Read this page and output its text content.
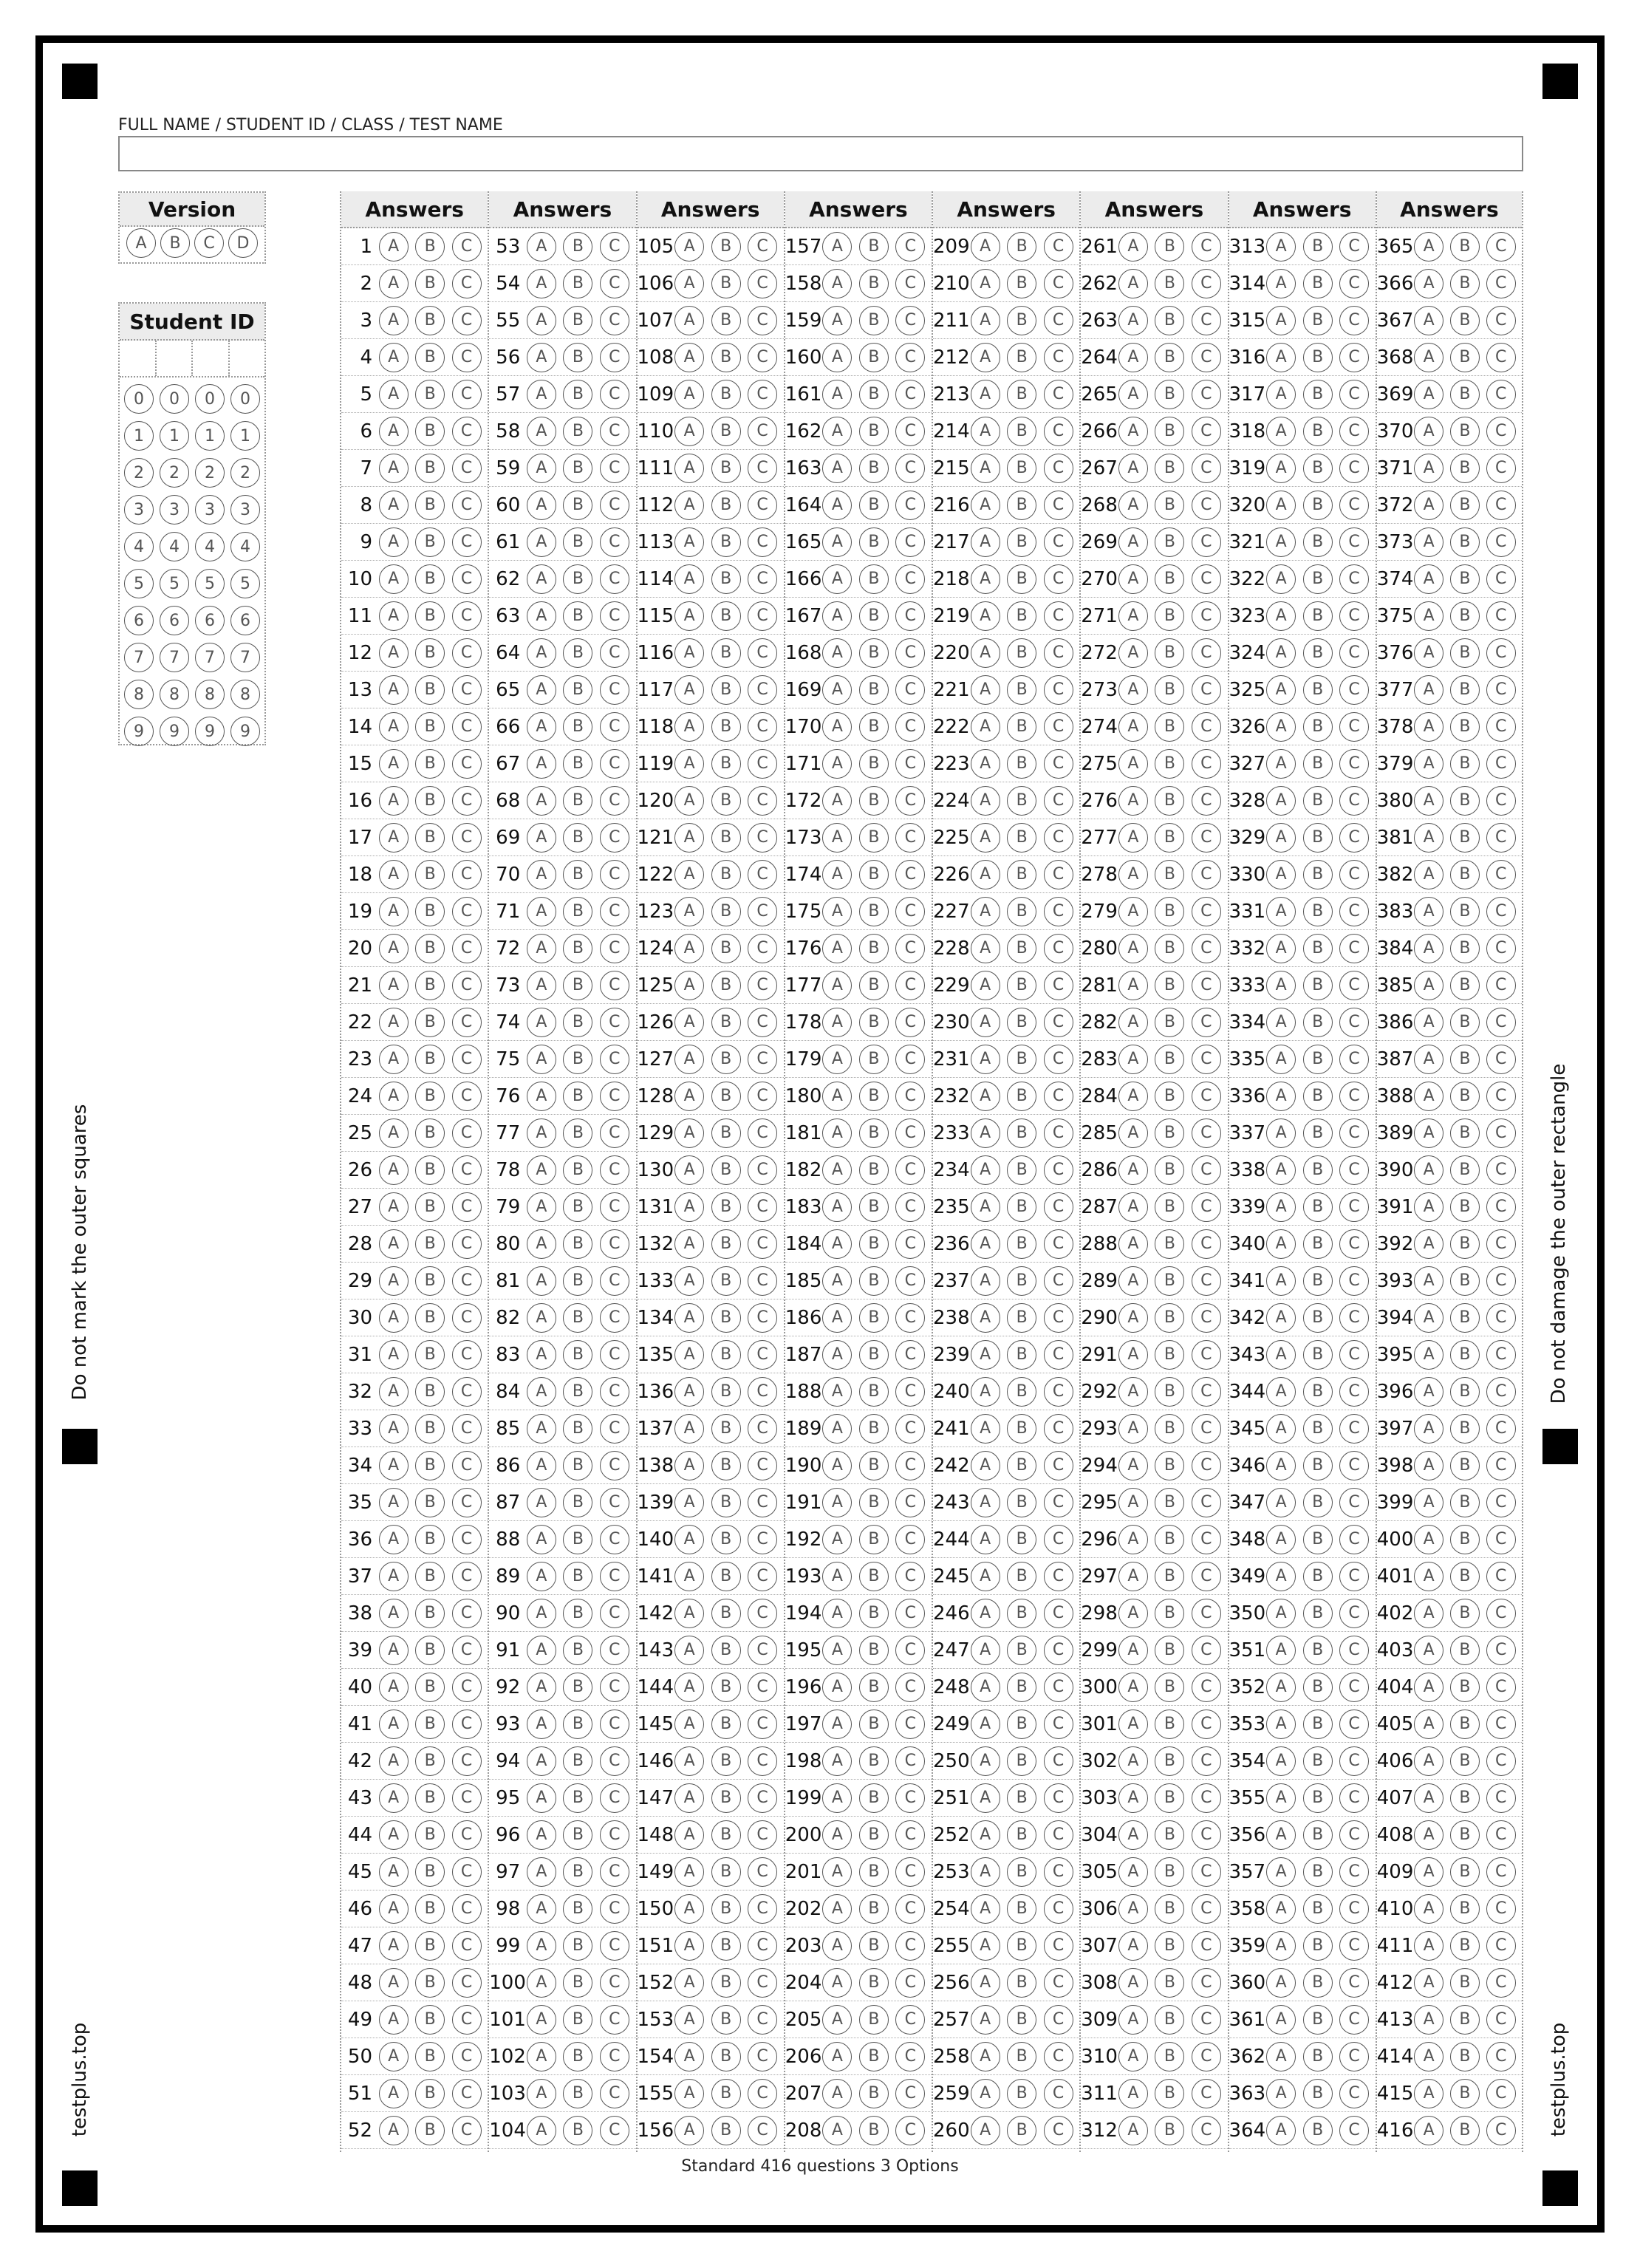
Do not mark the outer squares	Do not damage the outer rectangle
testplus.top	testplus.top
FULL NAME / STUDENT ID / CLASS / TEST NAME
Version
A	B	C	D
Student ID
0	0	0	0
1	1	1	1
2	2	2	2
3	3	3	3
4	4	4	4
5	5	5	5
6	6	6	6
7	7	7	7
8	8	8	8
9	9	9	9
Answers
1 A	B	C
2 A	B	C
3 A	B	C
4 A	B	C
5 A	B	C
6 A	B	C
7 A	B	C
8 A	B	C
9 A	B	C
10 A	B	C
11 A	B	C
12 A	B	C
13 A	B	C
14 A	B	C
15 A	B	C
16 A	B	C
17 A	B	C
18 A	B	C
19 A	B	C
20 A	B	C
21 A	B	C
22 A	B	C
23 A	B	C
24 A	B	C
25 A	B	C
26 A	B	C
27 A	B	C
28 A	B	C
29 A	B	C
30 A	B	C
31 A	B	C
32 A	B	C
33 A	B	C
34 A	B	C
35 A	B	C
36 A	B	C
37 A	B	C
38 A	B	C
39 A	B	C
40 A	B	C
41 A	B	C
42 A	B	C
43 A	B	C
44 A	B	C
45 A	B	C
46 A	B	C
47 A	B	C
48 A	B	C
49 A	B	C
50 A	B	C
51 A	B	C
52 A	B	C
Answers
53 A	B	C
54 A	B	C
55 A	B	C
56 A	B	C
57 A	B	C
58 A	B	C
59 A	B	C
60 A	B	C
61 A	B	C
62 A	B	C
63 A	B	C
64 A	B	C
65 A	B	C
66 A	B	C
67 A	B	C
68 A	B	C
69 A	B	C
70 A	B	C
71 A	B	C
72 A	B	C
73 A	B	C
74 A	B	C
75 A	B	C
76 A	B	C
77 A	B	C
78 A	B	C
79 A	B	C
80 A	B	C
81 A	B	C
82 A	B	C
83 A	B	C
84 A	B	C
85 A	B	C
86 A	B	C
87 A	B	C
88 A	B	C
89 A	B	C
90 A	B	C
91 A	B	C
92 A	B	C
93 A	B	C
94 A	B	C
95 A	B	C
96 A	B	C
97 A	B	C
98 A	B	C
99 A	B	C
100 A	B	C
101 A	B	C
102 A	B	C
103 A	B	C
104 A	B	C
Answers
105 A	B	C
106 A	B	C
107 A	B	C
108 A	B	C
109 A	B	C
110 A	B	C
111 A	B	C
112 A	B	C
113 A	B	C
114 A	B	C
115 A	B	C
116 A	B	C
117 A	B	C
118 A	B	C
119 A	B	C
120 A	B	C
121 A	B	C
122 A	B	C
123 A	B	C
124 A	B	C
125 A	B	C
126 A	B	C
127 A	B	C
128 A	B	C
129 A	B	C
130 A	B	C
131 A	B	C
132 A	B	C
133 A	B	C
134 A	B	C
135 A	B	C
136 A	B	C
137 A	B	C
138 A	B	C
139 A	B	C
140 A	B	C
141 A	B	C
142 A	B	C
143 A	B	C
144 A	B	C
145 A	B	C
146 A	B	C
147 A	B	C
148 A	B	C
149 A	B	C
150 A	B	C
151 A	B	C
152 A	B	C
153 A	B	C
154 A	B	C
155 A	B	C
156 A	B	C
Answers
157 A	B	C
158 A	B	C
159 A	B	C
160 A	B	C
161 A	B	C
162 A	B	C
163 A	B	C
164 A	B	C
165 A	B	C
166 A	B	C
167 A	B	C
168 A	B	C
169 A	B	C
170 A	B	C
171 A	B	C
172 A	B	C
173 A	B	C
174 A	B	C
175 A	B	C
176 A	B	C
177 A	B	C
178 A	B	C
179 A	B	C
180 A	B	C
181 A	B	C
182 A	B	C
183 A	B	C
184 A	B	C
185 A	B	C
186 A	B	C
187 A	B	C
188 A	B	C
189 A	B	C
190 A	B	C
191 A	B	C
192 A	B	C
193 A	B	C
194 A	B	C
195 A	B	C
196 A	B	C
197 A	B	C
198 A	B	C
199 A	B	C
200 A	B	C
201 A	B	C
202 A	B	C
203 A	B	C
204 A	B	C
205 A	B	C
206 A	B	C
207 A	B	C
208 A	B	C
Answers
209 A	B	C
210 A	B	C
211 A	B	C
212 A	B	C
213 A	B	C
214 A	B	C
215 A	B	C
216 A	B	C
217 A	B	C
218 A	B	C
219 A	B	C
220 A	B	C
221 A	B	C
222 A	B	C
223 A	B	C
224 A	B	C
225 A	B	C
226 A	B	C
227 A	B	C
228 A	B	C
229 A	B	C
230 A	B	C
231 A	B	C
232 A	B	C
233 A	B	C
234 A	B	C
235 A	B	C
236 A	B	C
237 A	B	C
238 A	B	C
239 A	B	C
240 A	B	C
241 A	B	C
242 A	B	C
243 A	B	C
244 A	B	C
245 A	B	C
246 A	B	C
247 A	B	C
248 A	B	C
249 A	B	C
250 A	B	C
251 A	B	C
252 A	B	C
253 A	B	C
254 A	B	C
255 A	B	C
256 A	B	C
257 A	B	C
258 A	B	C
259 A	B	C
260 A	B	C
Answers
261 A	B	C
262 A	B	C
263 A	B	C
264 A	B	C
265 A	B	C
266 A	B	C
267 A	B	C
268 A	B	C
269 A	B	C
270 A	B	C
271 A	B	C
272 A	B	C
273 A	B	C
274 A	B	C
275 A	B	C
276 A	B	C
277 A	B	C
278 A	B	C
279 A	B	C
280 A	B	C
281 A	B	C
282 A	B	C
283 A	B	C
284 A	B	C
285 A	B	C
286 A	B	C
287 A	B	C
288 A	B	C
289 A	B	C
290 A	B	C
291 A	B	C
292 A	B	C
293 A	B	C
294 A	B	C
295 A	B	C
296 A	B	C
297 A	B	C
298 A	B	C
299 A	B	C
300 A	B	C
301 A	B	C
302 A	B	C
303 A	B	C
304 A	B	C
305 A	B	C
306 A	B	C
307 A	B	C
308 A	B	C
309 A	B	C
310 A	B	C
311 A	B	C
312 A	B	C
Answers
313 A	B	C
314 A	B	C
315 A	B	C
316 A	B	C
317 A	B	C
318 A	B	C
319 A	B	C
320 A	B	C
321 A	B	C
322 A	B	C
323 A	B	C
324 A	B	C
325 A	B	C
326 A	B	C
327 A	B	C
328 A	B	C
329 A	B	C
330 A	B	C
331 A	B	C
332 A	B	C
333 A	B	C
334 A	B	C
335 A	B	C
336 A	B	C
337 A	B	C
338 A	B	C
339 A	B	C
340 A	B	C
341 A	B	C
342 A	B	C
343 A	B	C
344 A	B	C
345 A	B	C
346 A	B	C
347 A	B	C
348 A	B	C
349 A	B	C
350 A	B	C
351 A	B	C
352 A	B	C
353 A	B	C
354 A	B	C
355 A	B	C
356 A	B	C
357 A	B	C
358 A	B	C
359 A	B	C
360 A	B	C
361 A	B	C
362 A	B	C
363 A	B	C
364 A	B	C
Answers
365 A	B	C
366 A	B	C
367 A	B	C
368 A	B	C
369 A	B	C
370 A	B	C
371 A	B	C
372 A	B	C
373 A	B	C
374 A	B	C
375 A	B	C
376 A	B	C
377 A	B	C
378 A	B	C
379 A	B	C
380 A	B	C
381 A	B	C
382 A	B	C
383 A	B	C
384 A	B	C
385 A	B	C
386 A	B	C
387 A	B	C
388 A	B	C
389 A	B	C
390 A	B	C
391 A	B	C
392 A	B	C
393 A	B	C
394 A	B	C
395 A	B	C
396 A	B	C
397 A	B	C
398 A	B	C
399 A	B	C
400 A	B	C
401 A	B	C
402 A	B	C
403 A	B	C
404 A	B	C
405 A	B	C
406 A	B	C
407 A	B	C
408 A	B	C
409 A	B	C
410 A	B	C
411 A	B	C
412 A	B	C
413 A	B	C
414 A	B	C
415 A	B	C
416 A	B	C
Standard 416 questions 3 Options
